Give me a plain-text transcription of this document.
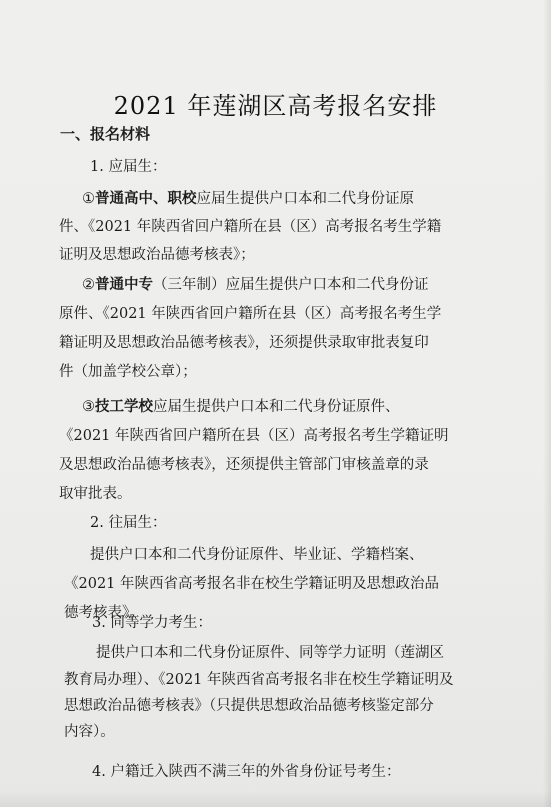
2021 年莲湖区高考报名安排
一、报名材料
1. 应届生：
①普通高中、职校应届生提供户口本和二代身份证原
件、《2021 年陕西省回户籍所在县（区）高考报名考生学籍
证明及思想政治品德考核表》；
②普通中专（三年制）应届生提供户口本和二代身份证
原件、《2021 年陕西省回户籍所在县（区）高考报名考生学
籍证明及思想政治品德考核表》，还须提供录取审批表复印
件（加盖学校公章）；
③技工学校应届生提供户口本和二代身份证原件、
《2021 年陕西省回户籍所在县（区）高考报名考生学籍证明
及思想政治品德考核表》，还须提供主管部门审核盖章的录
取审批表。
2. 往届生：
提供户口本和二代身份证原件、毕业证、学籍档案、
《2021 年陕西省高考报名非在校生学籍证明及思想政治品
德考核表》。
3. 同等学力考生：
提供户口本和二代身份证原件、同等学力证明（莲湖区
教育局办理）、《2021 年陕西省高考报名非在校生学籍证明及
思想政治品德考核表》（只提供思想政治品德考核鉴定部分
内容）。
4. 户籍迁入陕西不满三年的外省身份证号考生：
